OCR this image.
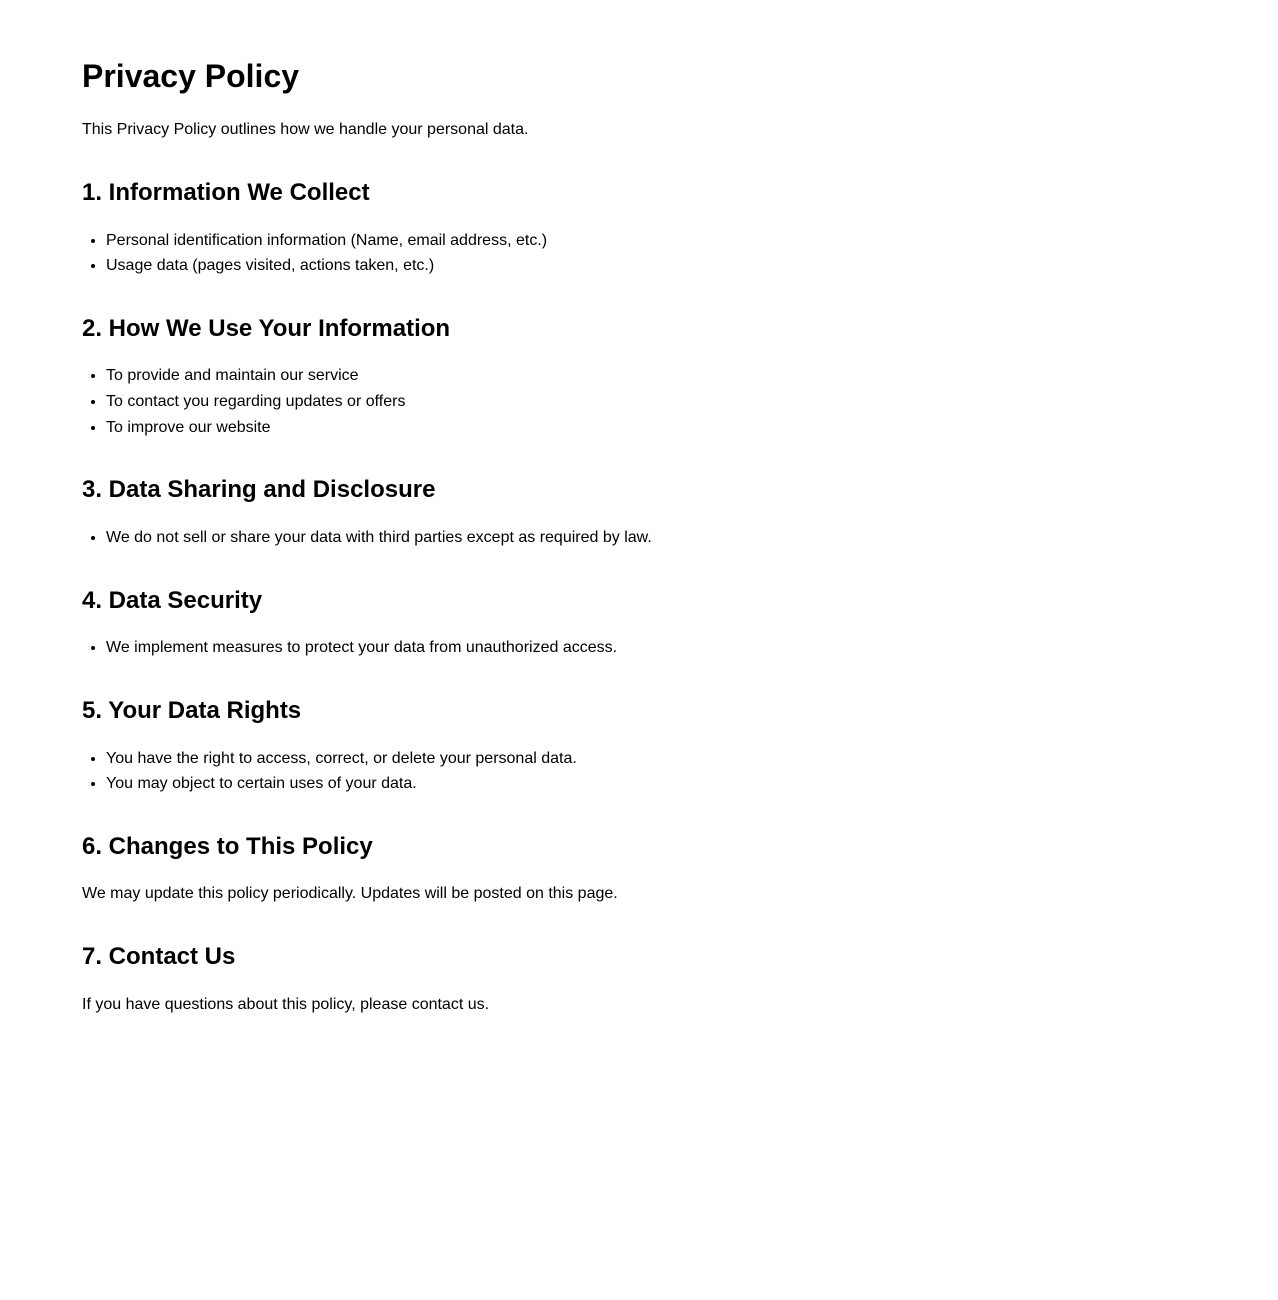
Privacy Policy

This Privacy Policy outlines how we handle your personal data.

1. Information We Collect
• Personal identification information (Name, email address, etc.)
• Usage data (pages visited, actions taken, etc.)
2. How We Use Your Information
• To provide and maintain our service
• To contact you regarding updates or offers
• To improve our website
3. Data Sharing and Disclosure
• We do not sell or share your data with third parties except as required by law.
4. Data Security
• We implement measures to protect your data from unauthorized access.
5. Your Data Rights
• You have the right to access, correct, or delete your personal data.
• You may object to certain uses of your data.
6. Changes to This Policy

We may update this policy periodically. Updates will be posted on this page.

7. Contact Us

If you have questions about this policy, please contact us.
